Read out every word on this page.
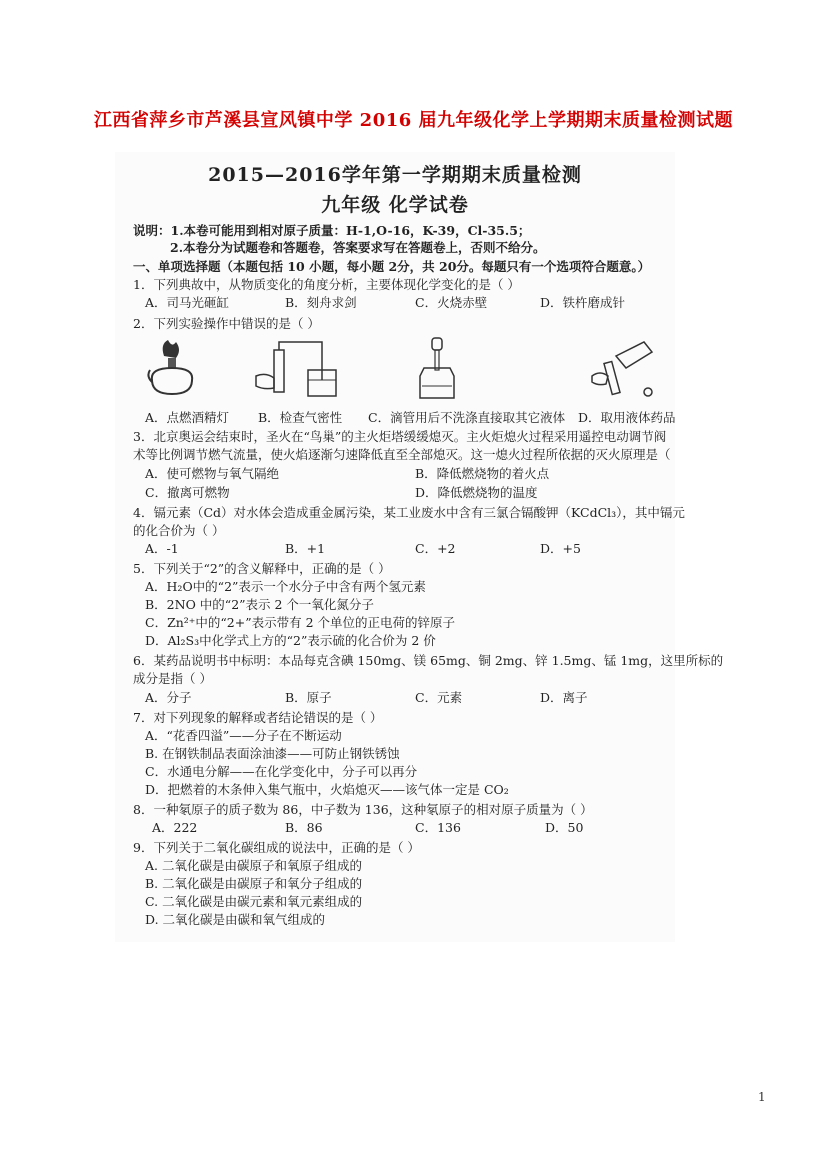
江西省萍乡市芦溪县宣风镇中学 2016 届九年级化学上学期期末质量检测试题
2015—2016学年第一学期期末质量检测
九年级 化学试卷
说明：1.本卷可能用到相对原子质量：H-1,O-16，K-39，Cl-35.5；
2.本卷分为试题卷和答题卷，答案要求写在答题卷上，否则不给分。
一、单项选择题（本题包括 10 小题，每小题 2分，共 20分。每题只有一个选项符合题意。）
1．下列典故中，从物质变化的角度分析，主要体现化学变化的是（ ）
A．司马光砸缸	B．刻舟求剑	C．火烧赤壁	D．铁杵磨成针
2．下列实验操作中错误的是（ ）
A．点燃酒精灯 B．检查气密性 C．滴管用后不洗涤直接取其它液体 D．取用液体药品
3．北京奥运会结束时，圣火在“鸟巢”的主火炬塔缓缓熄灭。主火炬熄火过程采用遥控电动调节阀
术等比例调节燃气流量，使火焰逐渐匀速降低直至全部熄灭。这一熄火过程所依据的灭火原理是（
A．使可燃物与氧气隔绝	B．降低燃烧物的着火点
C．撤离可燃物	D．降低燃烧物的温度
4．镉元素（Cd）对水体会造成重金属污染，某工业废水中含有三氯合镉酸钾（KCdCl₃），其中镉元
的化合价为（ ）
A．-1	B．+1	C．+2	D．+5
5．下列关于“2”的含义解释中，正确的是（ ）
A．H₂O中的“2”表示一个水分子中含有两个氢元素
B．2NO 中的“2”表示 2 个一氧化氮分子
C．Zn²⁺中的“2+”表示带有 2 个单位的正电荷的锌原子
D．Al₂S₃中化学式上方的“2”表示硫的化合价为 2 价
6．某药品说明书中标明：本品每克含碘 150mg、镁 65mg、铜 2mg、锌 1.5mg、锰 1mg，这里所标的
成分是指（ ）
A．分子	B．原子	C．元素	D．离子
7．对下列现象的解释或者结论错误的是（ ）
A．“花香四溢”——分子在不断运动
B. 在钢铁制品表面涂油漆——可防止钢铁锈蚀
C．水通电分解——在化学变化中，分子可以再分
D．把燃着的木条伸入集气瓶中，火焰熄灭——该气体一定是 CO₂
8．一种氡原子的质子数为 86，中子数为 136，这种氡原子的相对原子质量为（ ）
A．222	B．86	C．136	D．50
9．下列关于二氧化碳组成的说法中，正确的是（ ）
A. 二氧化碳是由碳原子和氧原子组成的
B. 二氧化碳是由碳原子和氧分子组成的
C. 二氧化碳是由碳元素和氧元素组成的
D. 二氧化碳是由碳和氧气组成的
1
